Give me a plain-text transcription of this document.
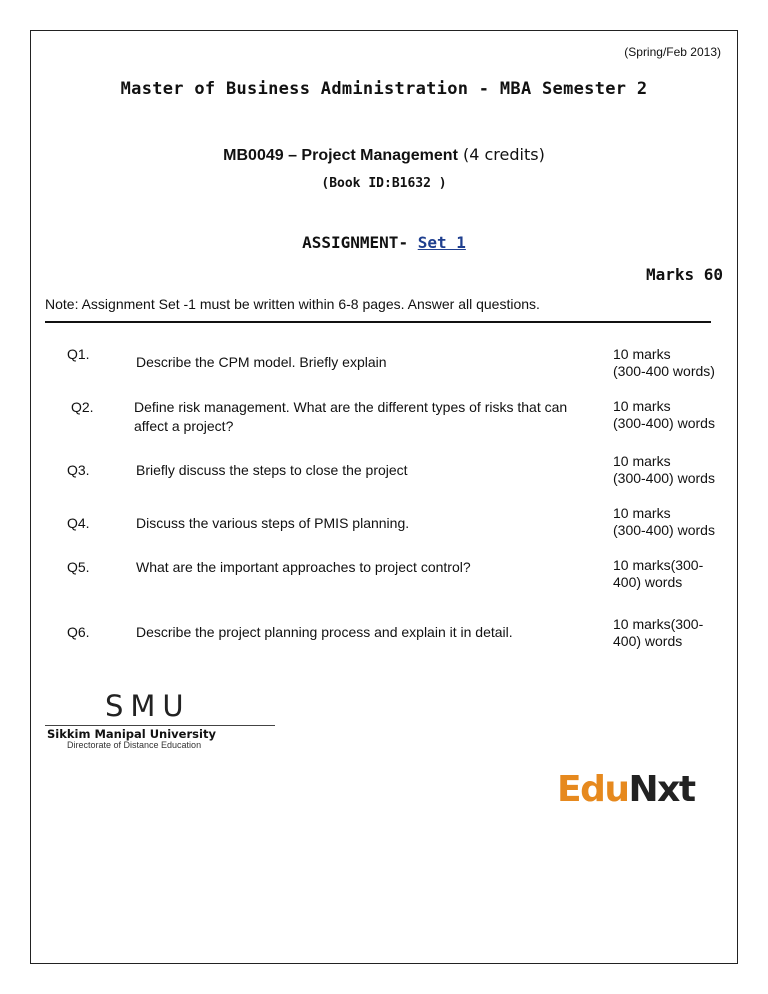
(Spring/Feb 2013)
Master of Business Administration - MBA Semester 2
MB0049 – Project Management (4 credits)
(Book ID:B1632 )
ASSIGNMENT- Set 1
Marks 60
Note: Assignment Set -1 must be written within 6-8 pages. Answer all questions.
Q1.	Describe the CPM model. Briefly explain	10 marks
(300-400 words)
Q2.	Define risk management. What are the different types of risks that can affect a project?
10 marks
(300-400) words
Q3.	Briefly discuss the steps to close the project
10 marks
(300-400) words
Q4.	Discuss the various steps of PMIS planning.
10 marks
(300-400) words
Q5.	What are the important approaches to project control?	10 marks(300-
400) words
Q6.	Describe the project planning process and explain it in detail.	10 marks(300-
400) words
SMU
Sikkim Manipal University
Directorate of Distance Education
EduNxt
